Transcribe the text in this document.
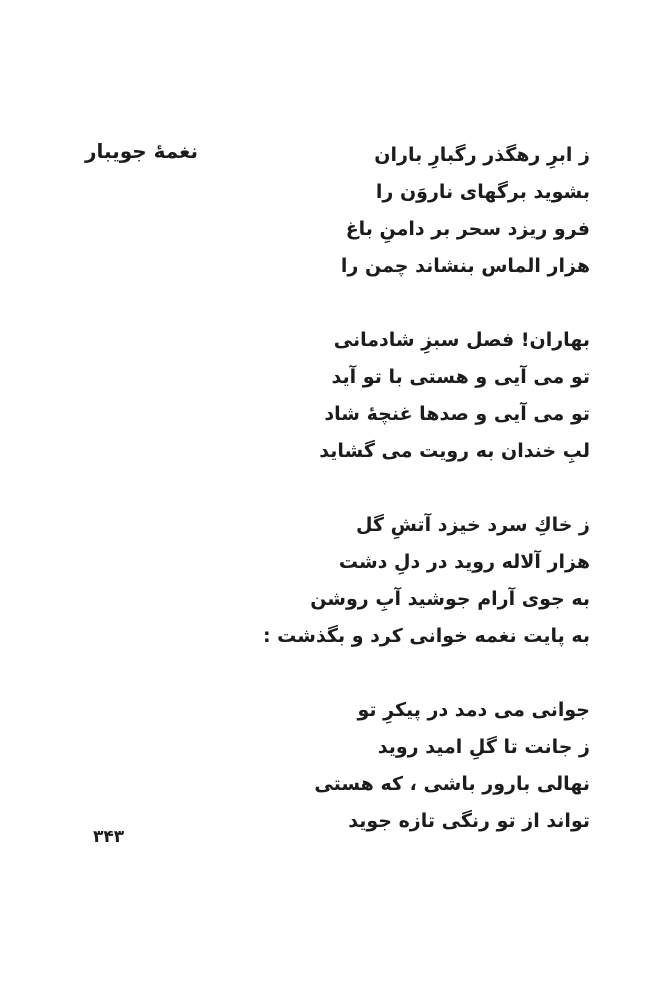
نغمهٔ جویبار	ز ابرِ رهگذر رگبارِ باران
بشوید برگهای ناروَن را
فرو ریزد سحر بر دامنِ باغ
هزار الماس بنشاند چمن را
بهاران! فصل سبزِ شادمانی
تو می آیی و هستی با تو آید
تو می آیی و صدها غنچهٔ شاد
لبِ خندان به رویت می گشاید
ز خاكِ سرد خیزد آتشِ گل
هزار آلاله روید در دلِ دشت
به جوی آرام جوشید آبِ روشن
به پایت نغمه خوانی کرد و بگذشت :
جوانی می دمد در پیکرِ تو
ز جانت تا گلِ امید روید
نهالی بارور باشی ، که هستی
تواند از تو رنگی تازه جوید
۳۴۳
